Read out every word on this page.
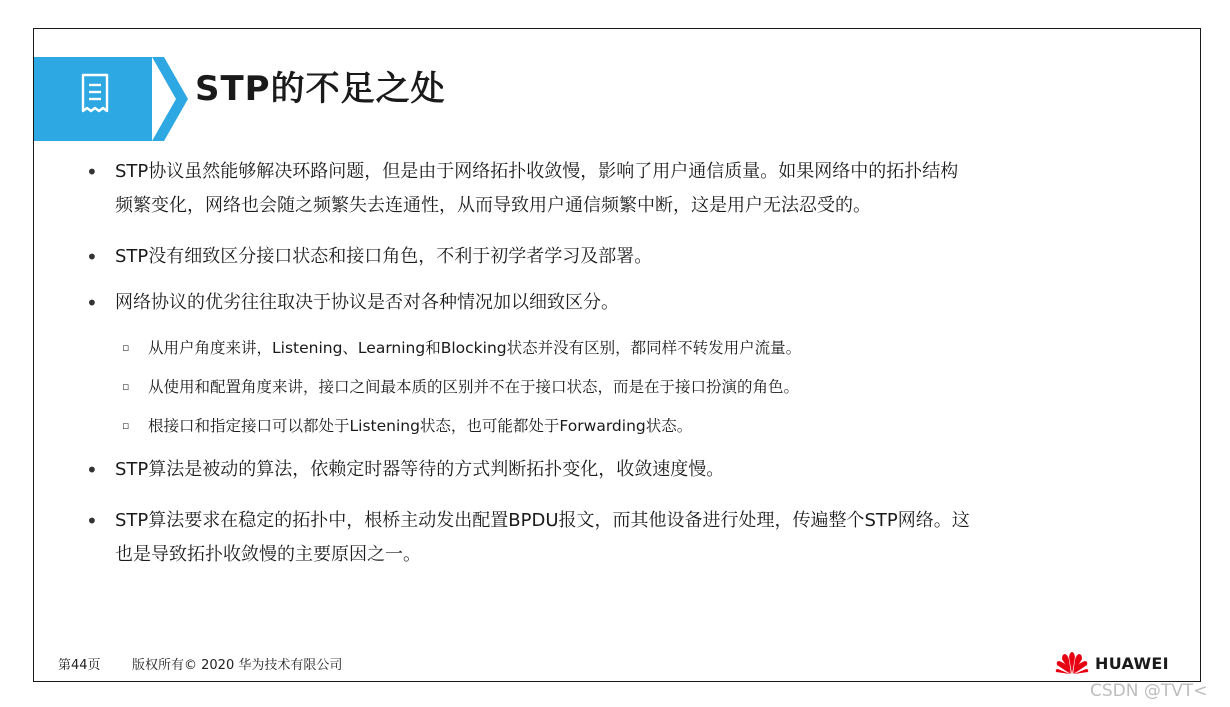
STP的不足之处
• STP协议虽然能够解决环路问题，但是由于网络拓扑收敛慢，影响了用户通信质量。如果网络中的拓扑结构
频繁变化，网络也会随之频繁失去连通性，从而导致用户通信频繁中断，这是用户无法忍受的。
• STP没有细致区分接口状态和接口角色，不利于初学者学习及部署。
• 网络协议的优劣往往取决于协议是否对各种情况加以细致区分。
▫ 从用户角度来讲，Listening、Learning和Blocking状态并没有区别，都同样不转发用户流量。
▫ 从使用和配置角度来讲，接口之间最本质的区别并不在于接口状态，而是在于接口扮演的角色。
▫ 根接口和指定接口可以都处于Listening状态，也可能都处于Forwarding状态。
• STP算法是被动的算法，依赖定时器等待的方式判断拓扑变化，收敛速度慢。
• STP算法要求在稳定的拓扑中，根桥主动发出配置BPDU报文，而其他设备进行处理，传遍整个STP网络。这
也是导致拓扑收敛慢的主要原因之一。
第44页 版权所有© 2020 华为技术有限公司	HUAWEI
CSDN @TVT<
